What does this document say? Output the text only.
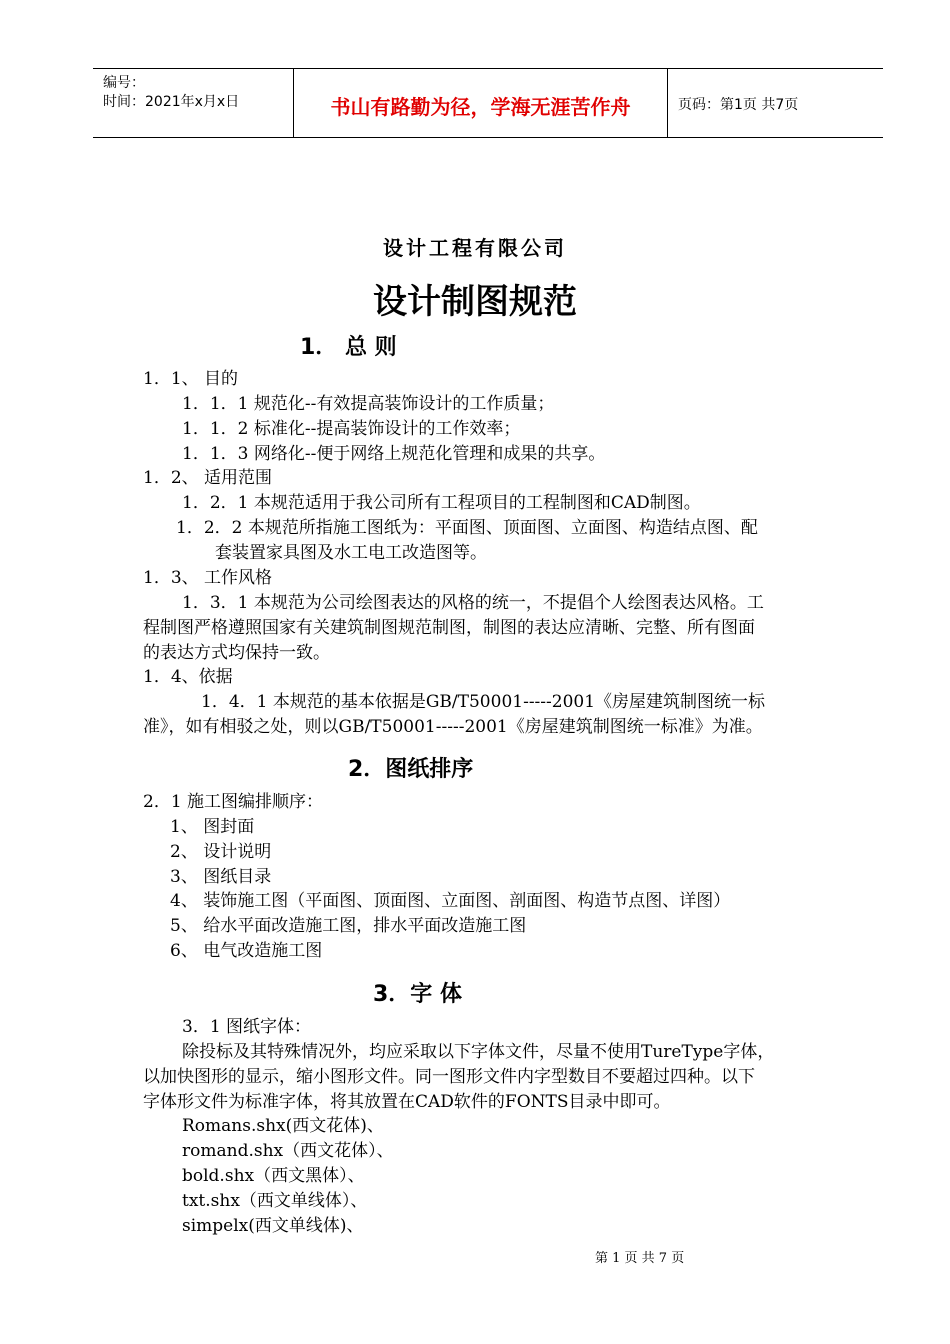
编号：
时间：2021年x月x日	书山有路勤为径，学海无涯苦作舟	页码：第1页 共7页
设计工程有限公司
设计制图规范
1． 总 则
1．1、 目的
1．1．1 规范化--有效提高装饰设计的工作质量；
1．1．2 标准化--提高装饰设计的工作效率；
1．1．3 网络化--便于网络上规范化管理和成果的共享。
1．2、 适用范围
1．2．1 本规范适用于我公司所有工程项目的工程制图和CAD制图。
1．2．2 本规范所指施工图纸为：平面图、顶面图、立面图、构造结点图、配
套装置家具图及水工电工改造图等。
1．3、 工作风格
1．3．1 本规范为公司绘图表达的风格的统一，不提倡个人绘图表达风格。工
程制图严格遵照国家有关建筑制图规范制图，制图的表达应清晰、完整、所有图面
的表达方式均保持一致。
1．4、依据
1．4．1 本规范的基本依据是GB/T50001-----2001《房屋建筑制图统一标
准》，如有相驳之处，则以GB/T50001-----2001《房屋建筑制图统一标准》为准。
2．图纸排序
2．1 施工图编排顺序：
1、 图封面
2、 设计说明
3、 图纸目录
4、 装饰施工图（平面图、顶面图、立面图、剖面图、构造节点图、详图）
5、 给水平面改造施工图，排水平面改造施工图
6、 电气改造施工图
3．字 体
3．1 图纸字体：
除投标及其特殊情况外，均应采取以下字体文件，尽量不使用TureType字体，
以加快图形的显示，缩小图形文件。同一图形文件内字型数目不要超过四种。以下
字体形文件为标准字体，将其放置在CAD软件的FONTS目录中即可。
Romans.shx(西文花体)、
romand.shx（西文花体）、
bold.shx（西文黑体）、
txt.shx（西文单线体）、
simpelx(西文单线体)、
第 1 页 共 7 页
